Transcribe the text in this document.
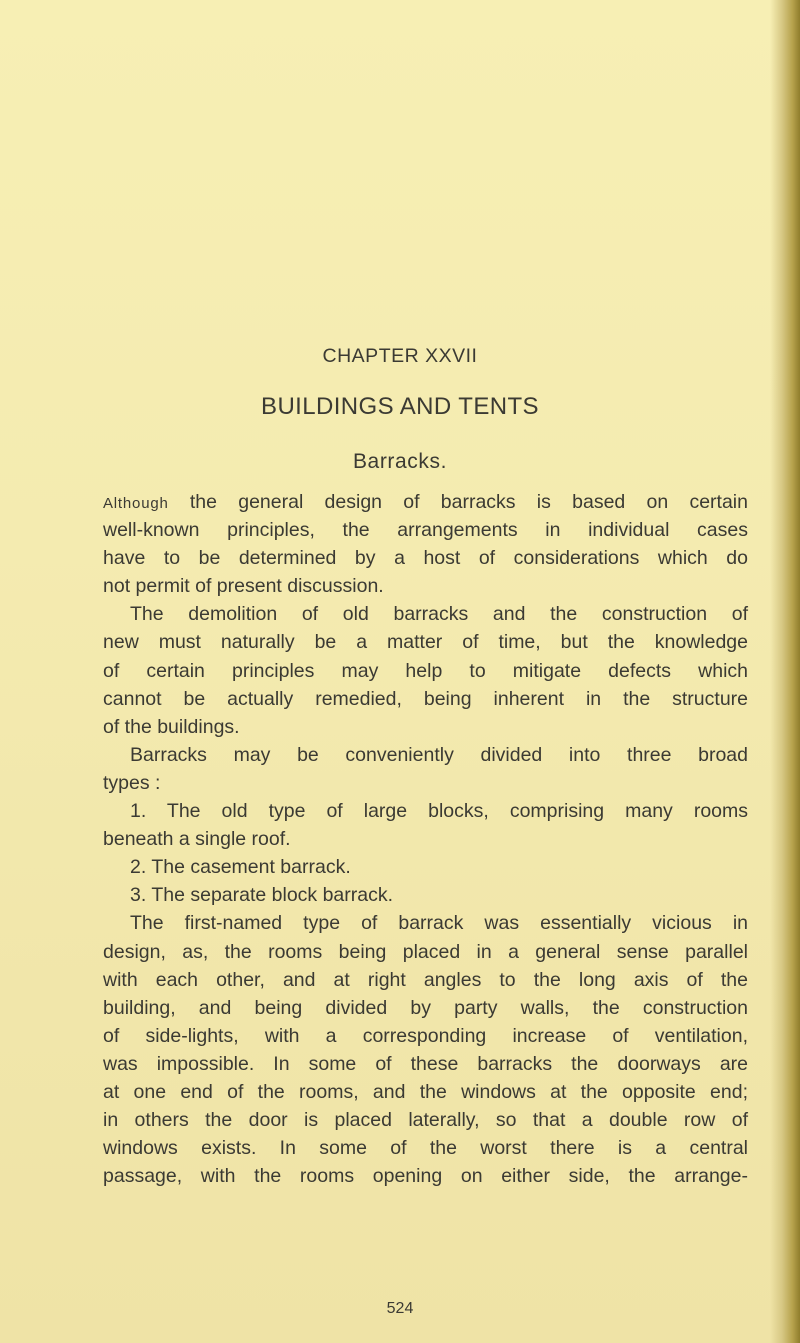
CHAPTER XXVII
BUILDINGS AND TENTS
Barracks.
Although the general design of barracks is based on certain
well-known principles, the arrangements in individual cases
have to be determined by a host of considerations which do
not permit of present discussion.
The demolition of old barracks and the construction of
new must naturally be a matter of time, but the knowledge
of certain principles may help to mitigate defects which
cannot be actually remedied, being inherent in the structure
of the buildings.
Barracks may be conveniently divided into three broad
types :
1. The old type of large blocks, comprising many rooms
beneath a single roof.
2. The casement barrack.
3. The separate block barrack.
The first-named type of barrack was essentially vicious in
design, as, the rooms being placed in a general sense parallel
with each other, and at right angles to the long axis of the
building, and being divided by party walls, the construction
of side-lights, with a corresponding increase of ventilation,
was impossible. In some of these barracks the doorways are
at one end of the rooms, and the windows at the opposite end;
in others the door is placed laterally, so that a double row of
windows exists. In some of the worst there is a central
passage, with the rooms opening on either side, the arrange-
524
